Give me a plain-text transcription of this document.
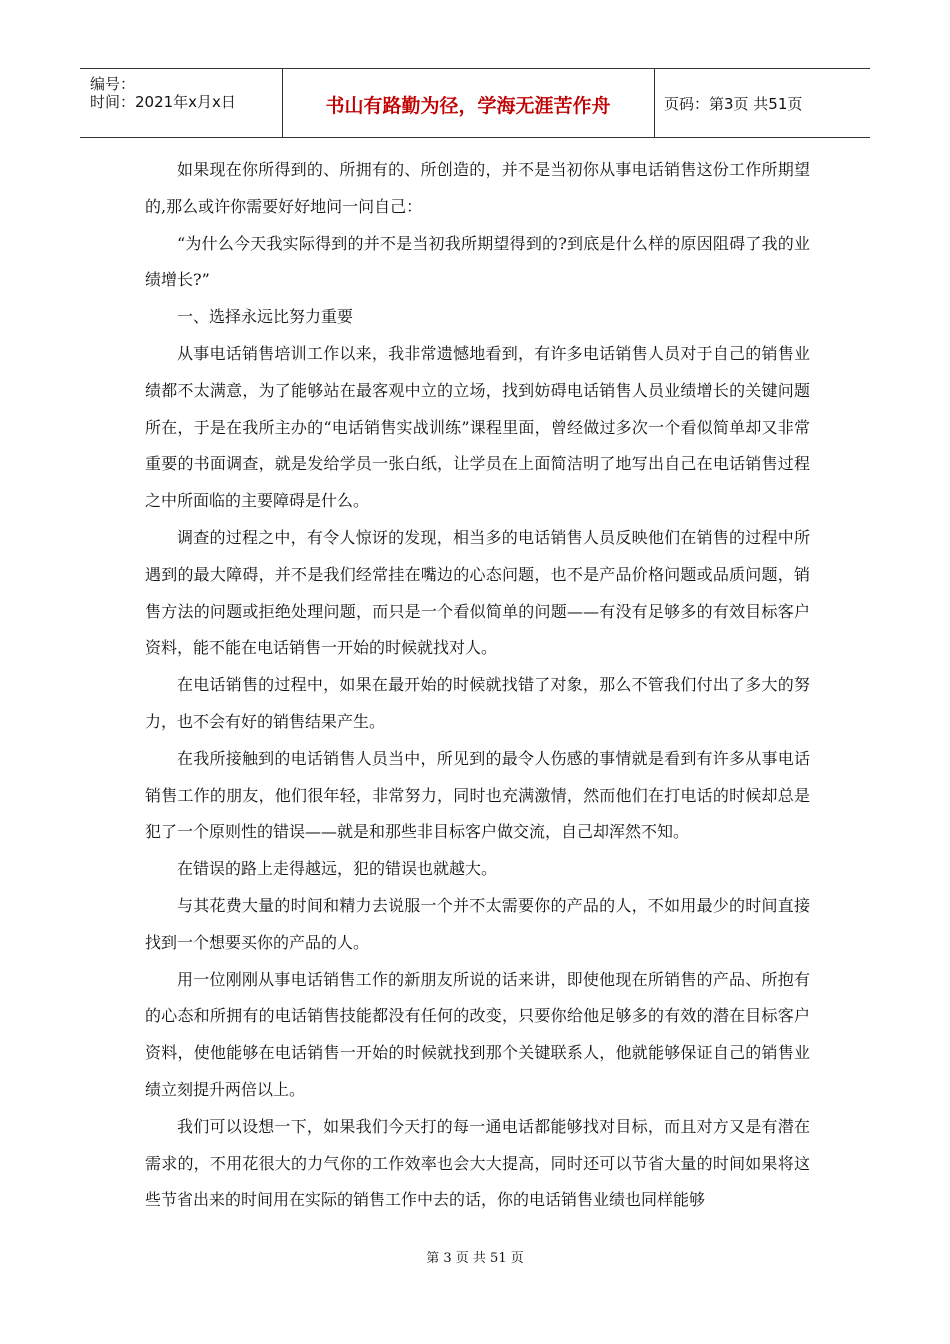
编号：
时间：2021年x月x日	书山有路勤为径，学海无涯苦作舟	页码：第3页 共51页

如果现在你所得到的、所拥有的、所创造的，并不是当初你从事电话销售这份工作所期望的,那么或许你需要好好地问一问自己：

“为什么今天我实际得到的并不是当初我所期望得到的?到底是什么样的原因阻碍了我的业绩增长?”

一、选择永远比努力重要

从事电话销售培训工作以来，我非常遗憾地看到，有许多电话销售人员对于自己的销售业绩都不太满意，为了能够站在最客观中立的立场，找到妨碍电话销售人员业绩增长的关键问题所在，于是在我所主办的“电话销售实战训练”课程里面，曾经做过多次一个看似简单却又非常重要的书面调查，就是发给学员一张白纸，让学员在上面简洁明了地写出自己在电话销售过程之中所面临的主要障碍是什么。

调查的过程之中，有令人惊讶的发现，相当多的电话销售人员反映他们在销售的过程中所遇到的最大障碍，并不是我们经常挂在嘴边的心态问题，也不是产品价格问题或品质问题，销售方法的问题或拒绝处理问题，而只是一个看似简单的问题——有没有足够多的有效目标客户资料，能不能在电话销售一开始的时候就找对人。

在电话销售的过程中，如果在最开始的时候就找错了对象，那么不管我们付出了多大的努力，也不会有好的销售结果产生。

在我所接触到的电话销售人员当中，所见到的最令人伤感的事情就是看到有许多从事电话销售工作的朋友，他们很年轻，非常努力，同时也充满激情，然而他们在打电话的时候却总是犯了一个原则性的错误——就是和那些非目标客户做交流，自己却浑然不知。

在错误的路上走得越远，犯的错误也就越大。

与其花费大量的时间和精力去说服一个并不太需要你的产品的人，不如用最少的时间直接找到一个想要买你的产品的人。

用一位刚刚从事电话销售工作的新朋友所说的话来讲，即使他现在所销售的产品、所抱有的心态和所拥有的电话销售技能都没有任何的改变，只要你给他足够多的有效的潜在目标客户资料，使他能够在电话销售一开始的时候就找到那个关键联系人，他就能够保证自己的销售业绩立刻提升两倍以上。

我们可以设想一下，如果我们今天打的每一通电话都能够找对目标，而且对方又是有潜在需求的，不用花很大的力气你的工作效率也会大大提高，同时还可以节省大量的时间如果将这些节省出来的时间用在实际的销售工作中去的话，你的电话销售业绩也同样能够

第 3 页 共 51 页
